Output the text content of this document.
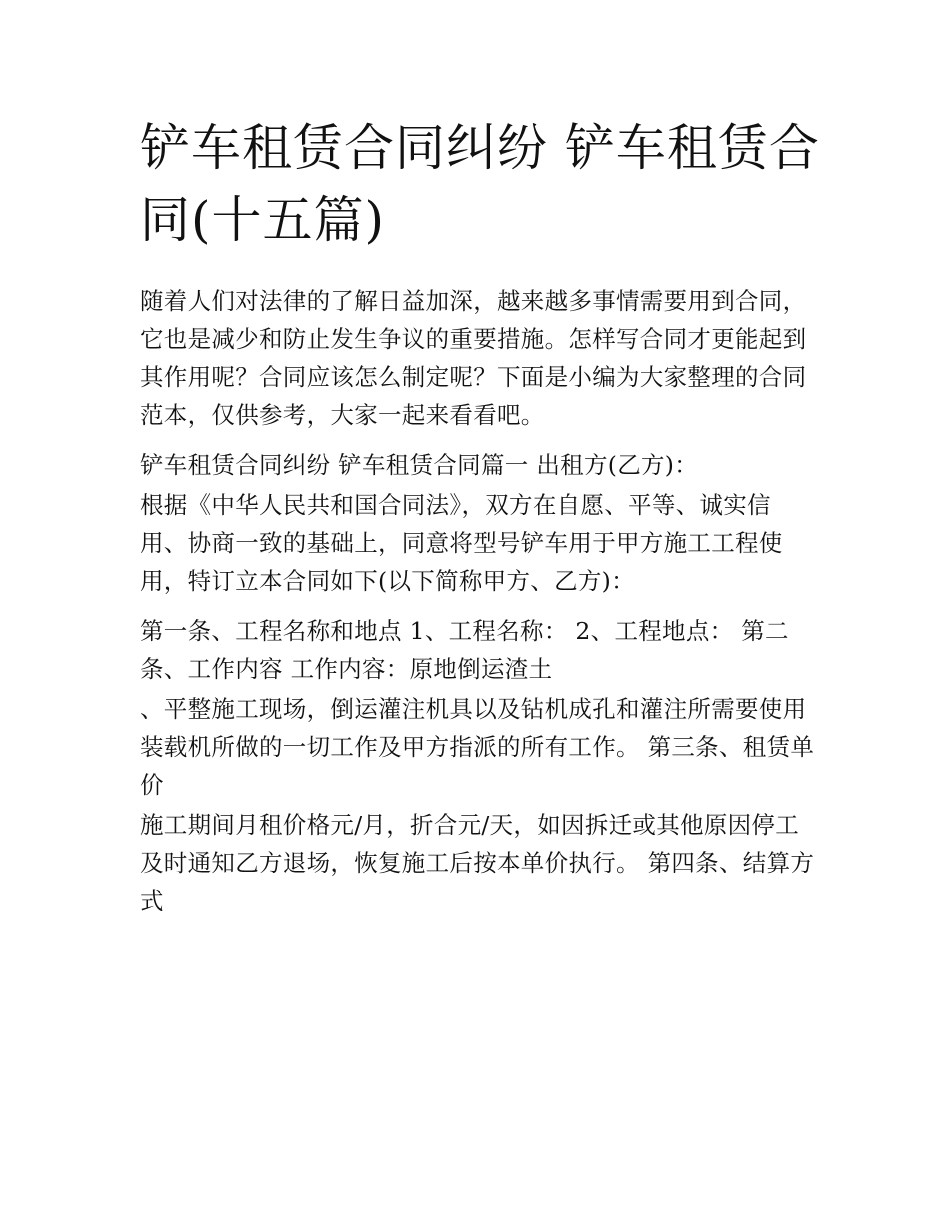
铲车租赁合同纠纷 铲车租赁合同(十五篇)

随着人们对法律的了解日益加深，越来越多事情需要用到合同，它也是减少和防止发生争议的重要措施。怎样写合同才更能起到其作用呢？合同应该怎么制定呢？下面是小编为大家整理的合同范本，仅供参考，大家一起来看看吧。

铲车租赁合同纠纷 铲车租赁合同篇一 出租方(乙方)：

根据《中华人民共和国合同法》，双方在自愿、平等、诚实信用、协商一致的基础上，同意将型号铲车用于甲方施工工程使用，特订立本合同如下(以下简称甲方、乙方)：

第一条、工程名称和地点 1、工程名称： 2、工程地点： 第二条、工作内容 工作内容：原地倒运渣土

、平整施工现场，倒运灌注机具以及钻机成孔和灌注所需要使用装载机所做的一切工作及甲方指派的所有工作。 第三条、租赁单价

施工期间月租价格元/月，折合元/天，如因拆迁或其他原因停工及时通知乙方退场，恢复施工后按本单价执行。 第四条、结算方式
